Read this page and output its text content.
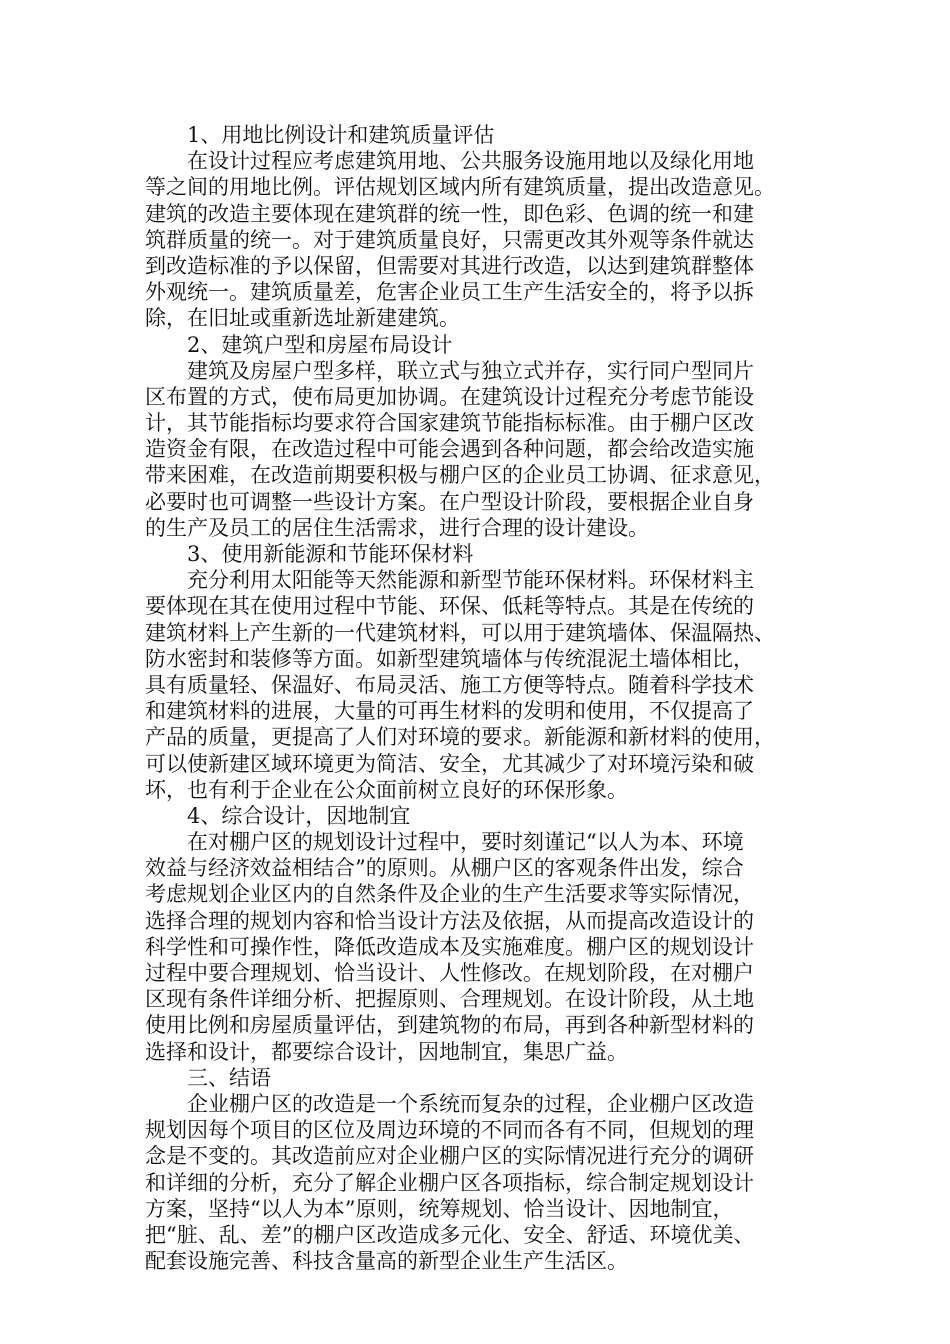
1、用地比例设计和建筑质量评估
在设计过程应考虑建筑用地、公共服务设施用地以及绿化用地
等之间的用地比例。评估规划区域内所有建筑质量，提出改造意见。
建筑的改造主要体现在建筑群的统一性，即色彩、色调的统一和建
筑群质量的统一。对于建筑质量良好，只需更改其外观等条件就达
到改造标准的予以保留，但需要对其进行改造，以达到建筑群整体
外观统一。建筑质量差，危害企业员工生产生活安全的，将予以拆
除，在旧址或重新选址新建建筑。
2、建筑户型和房屋布局设计
建筑及房屋户型多样，联立式与独立式并存，实行同户型同片
区布置的方式，使布局更加协调。在建筑设计过程充分考虑节能设
计，其节能指标均要求符合国家建筑节能指标标准。由于棚户区改
造资金有限，在改造过程中可能会遇到各种问题，都会给改造实施
带来困难，在改造前期要积极与棚户区的企业员工协调、征求意见，
必要时也可调整一些设计方案。在户型设计阶段，要根据企业自身
的生产及员工的居住生活需求，进行合理的设计建设。
3、使用新能源和节能环保材料
充分利用太阳能等天然能源和新型节能环保材料。环保材料主
要体现在其在使用过程中节能、环保、低耗等特点。其是在传统的
建筑材料上产生新的一代建筑材料，可以用于建筑墙体、保温隔热、
防水密封和装修等方面。如新型建筑墙体与传统混泥土墙体相比，
具有质量轻、保温好、布局灵活、施工方便等特点。随着科学技术
和建筑材料的进展，大量的可再生材料的发明和使用，不仅提高了
产品的质量，更提高了人们对环境的要求。新能源和新材料的使用，
可以使新建区域环境更为简洁、安全，尤其减少了对环境污染和破
坏，也有利于企业在公众面前树立良好的环保形象。
4、综合设计，因地制宜
在对棚户区的规划设计过程中，要时刻谨记“以人为本、环境
效益与经济效益相结合”的原则。从棚户区的客观条件出发，综合
考虑规划企业区内的自然条件及企业的生产生活要求等实际情况，
选择合理的规划内容和恰当设计方法及依据，从而提高改造设计的
科学性和可操作性，降低改造成本及实施难度。棚户区的规划设计
过程中要合理规划、恰当设计、人性修改。在规划阶段，在对棚户
区现有条件详细分析、把握原则、合理规划。在设计阶段，从土地
使用比例和房屋质量评估，到建筑物的布局，再到各种新型材料的
选择和设计，都要综合设计，因地制宜，集思广益。
三、结语
企业棚户区的改造是一个系统而复杂的过程，企业棚户区改造
规划因每个项目的区位及周边环境的不同而各有不同，但规划的理
念是不变的。其改造前应对企业棚户区的实际情况进行充分的调研
和详细的分析，充分了解企业棚户区各项指标，综合制定规划设计
方案，坚持“以人为本”原则，统筹规划、恰当设计、因地制宜，
把“脏、乱、差”的棚户区改造成多元化、安全、舒适、环境优美、
配套设施完善、科技含量高的新型企业生产生活区。
